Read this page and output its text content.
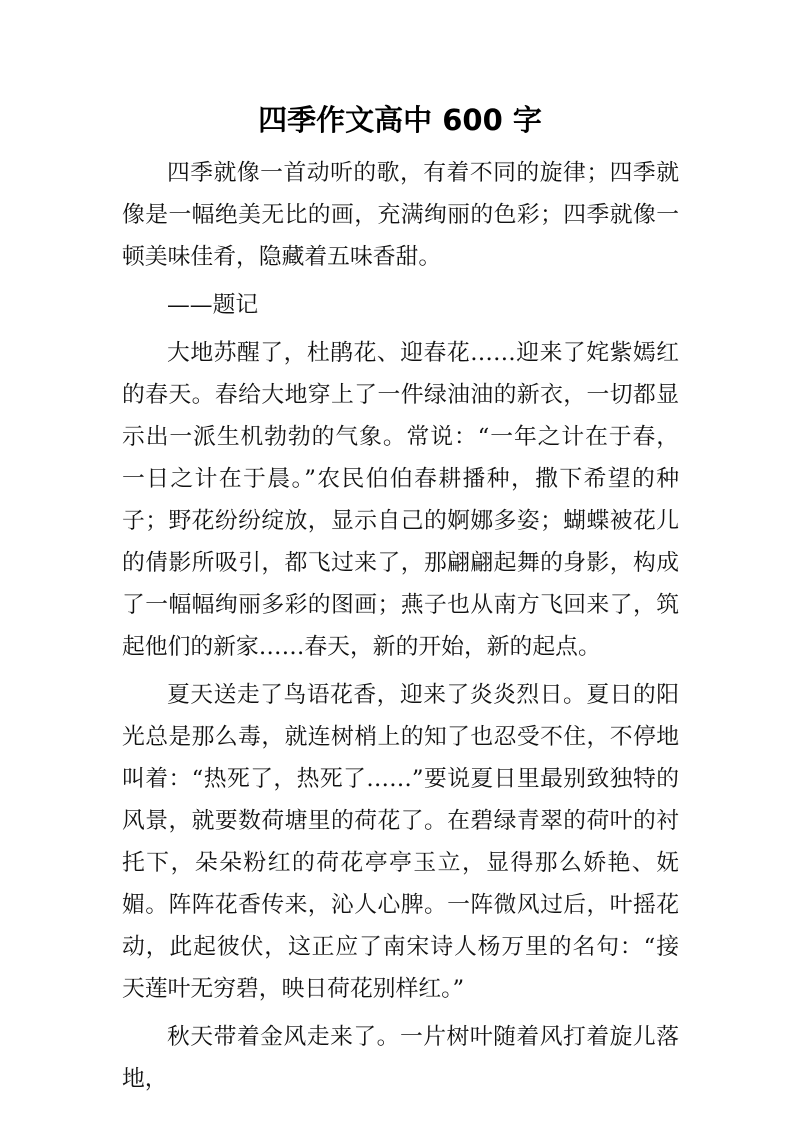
四季作文高中 600 字

四季就像一首动听的歌，有着不同的旋律；四季就像是一幅绝美无比的画，充满绚丽的色彩；四季就像一顿美味佳肴，隐藏着五味香甜。

——题记

大地苏醒了，杜鹃花、迎春花……迎来了姹紫嫣红的春天。春给大地穿上了一件绿油油的新衣，一切都显示出一派生机勃勃的气象。常说：“一年之计在于春，一日之计在于晨。”农民伯伯春耕播种，撒下希望的种子；野花纷纷绽放，显示自己的婀娜多姿；蝴蝶被花儿的倩影所吸引，都飞过来了，那翩翩起舞的身影，构成了一幅幅绚丽多彩的图画；燕子也从南方飞回来了，筑起他们的新家……春天，新的开始，新的起点。

夏天送走了鸟语花香，迎来了炎炎烈日。夏日的阳光总是那么毒，就连树梢上的知了也忍受不住，不停地叫着：“热死了，热死了……”要说夏日里最别致独特的风景，就要数荷塘里的荷花了。在碧绿青翠的荷叶的衬托下，朵朵粉红的荷花亭亭玉立，显得那么娇艳、妩媚。阵阵花香传来，沁人心脾。一阵微风过后，叶摇花动，此起彼伏，这正应了南宋诗人杨万里的名句：“接天莲叶无穷碧，映日荷花别样红。”

秋天带着金风走来了。一片树叶随着风打着旋儿落地，
